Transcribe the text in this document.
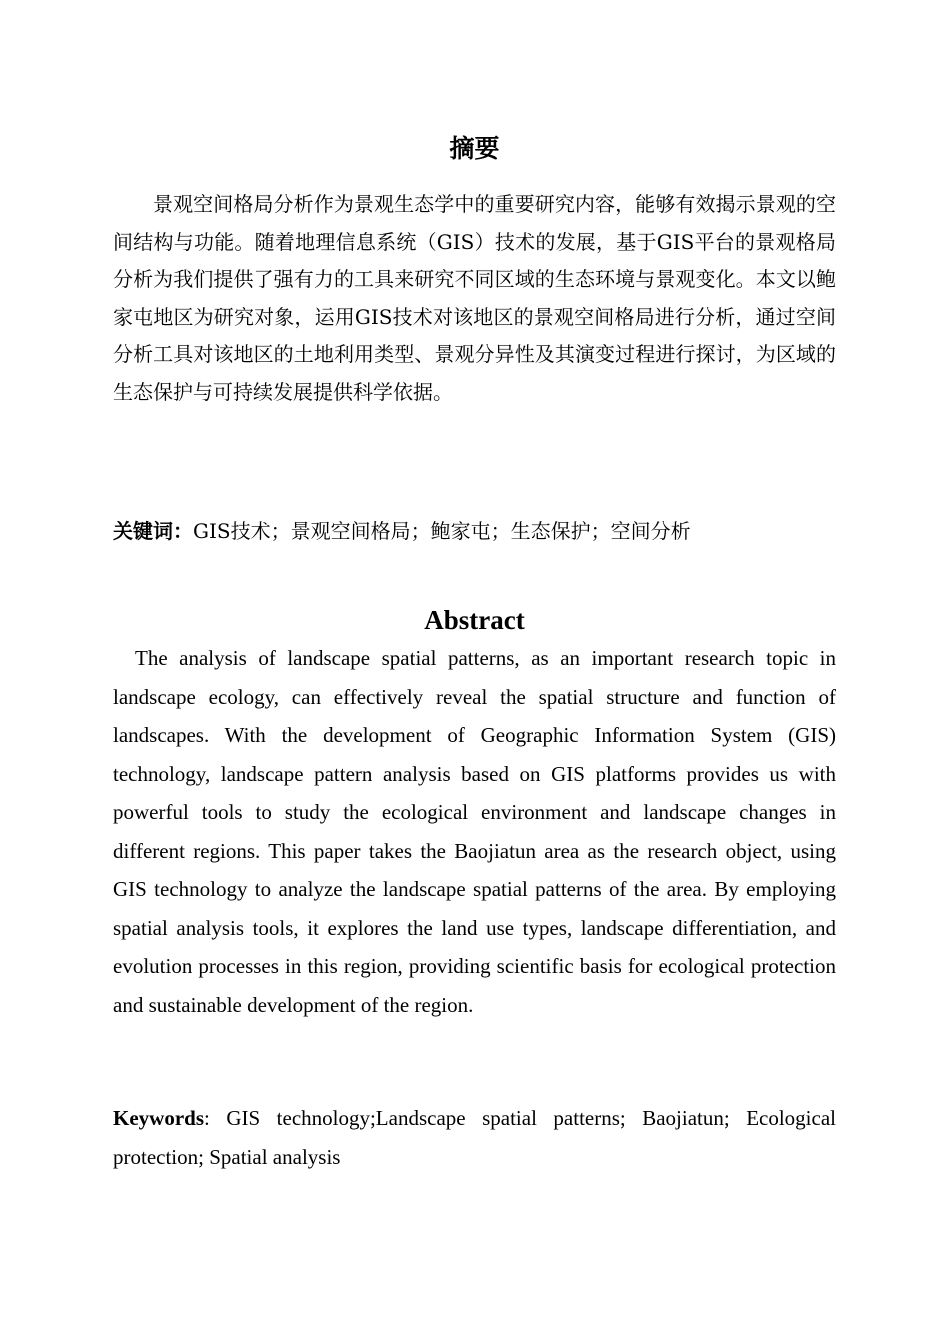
摘要

景观空间格局分析作为景观生态学中的重要研究内容，能够有效揭示景观的空间结构与功能。随着地理信息系统（GIS）技术的发展，基于GIS平台的景观格局分析为我们提供了强有力的工具来研究不同区域的生态环境与景观变化。本文以鲍家屯地区为研究对象，运用GIS技术对该地区的景观空间格局进行分析，通过空间分析工具对该地区的土地利用类型、景观分异性及其演变过程进行探讨，为区域的生态保护与可持续发展提供科学依据。

关键词：GIS技术；景观空间格局；鲍家屯；生态保护；空间分析

Abstract

The analysis of landscape spatial patterns, as an important research topic in landscape ecology, can effectively reveal the spatial structure and function of landscapes. With the development of Geographic Information System (GIS) technology, landscape pattern analysis based on GIS platforms provides us with powerful tools to study the ecological environment and landscape changes in different regions. This paper takes the Baojiatun area as the research object, using GIS technology to analyze the landscape spatial patterns of the area. By employing spatial analysis tools, it explores the land use types, landscape differentiation, and evolution processes in this region, providing scientific basis for ecological protection and sustainable development of the region.

Keywords: GIS technology;Landscape spatial patterns; Baojiatun; Ecological protection; Spatial analysis
